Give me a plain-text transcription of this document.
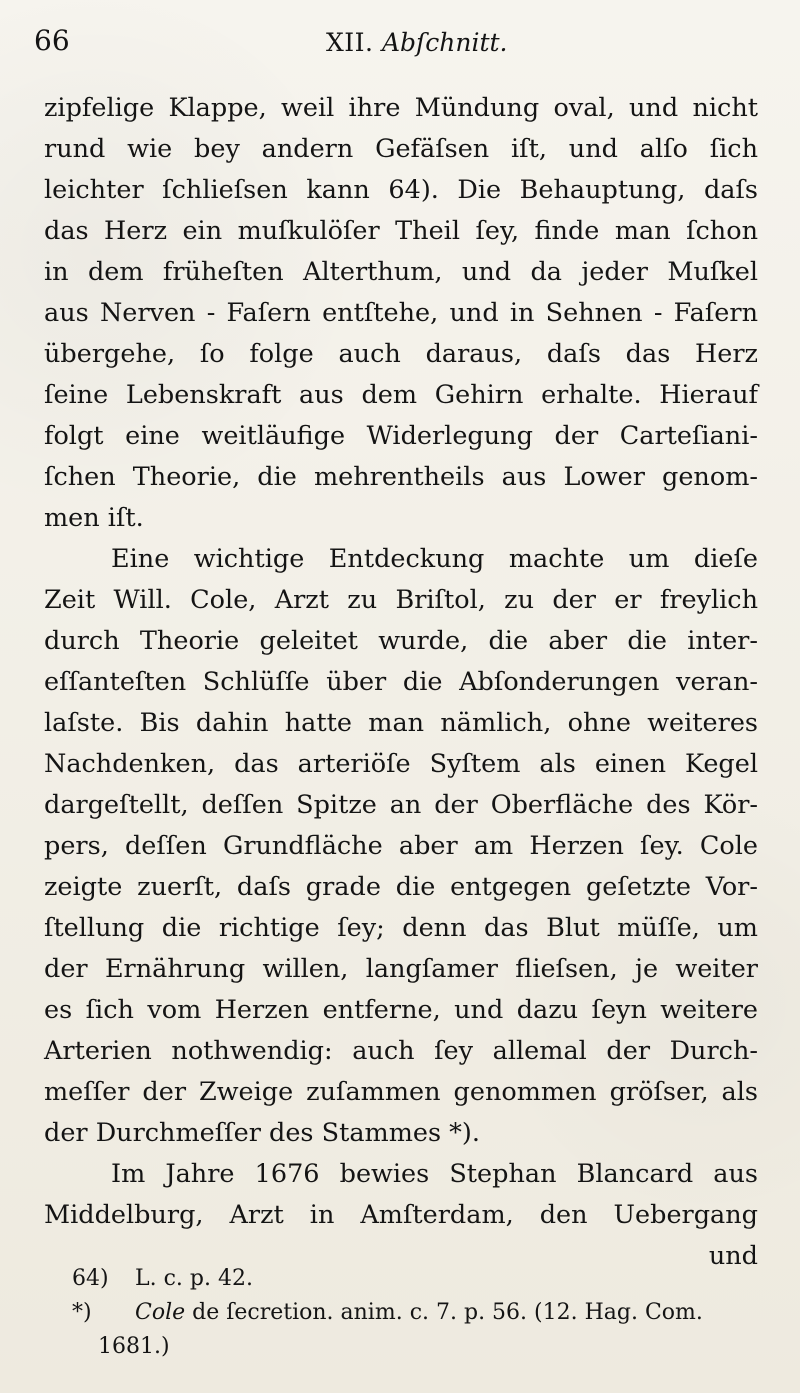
66	XII. Abſchnitt.
zipfelige Klappe, weil ihre Mündung oval, und nicht
rund wie bey andern Gefäſsen iſt, und alſo ſich
leichter ſchlieſsen kann 64). Die Behauptung, daſs
das Herz ein muſkulöſer Theil ſey, finde man ſchon
in dem früheſten Alterthum, und da jeder Muſkel
aus Nerven - Faſern entſtehe, und in Sehnen - Faſern
übergehe, ſo folge auch daraus, daſs das Herz
ſeine Lebenskraft aus dem Gehirn erhalte. Hierauf
folgt eine weitläufige Widerlegung der Carteſiani-
ſchen Theorie, die mehrentheils aus Lower genom-
men iſt.
Eine wichtige Entdeckung machte um dieſe
Zeit Will. Cole, Arzt zu Briſtol, zu der er freylich
durch Theorie geleitet wurde, die aber die inter-
eſſanteſten Schlüſſe über die Abſonderungen veran-
laſste. Bis dahin hatte man nämlich, ohne weiteres
Nachdenken, das arteriöſe Syſtem als einen Kegel
dargeſtellt, deſſen Spitze an der Oberfläche des Kör-
pers, deſſen Grundfläche aber am Herzen ſey. Cole
zeigte zuerſt, daſs grade die entgegen geſetzte Vor-
ſtellung die richtige ſey; denn das Blut müſſe, um
der Ernährung willen, langſamer flieſsen, je weiter
es ſich vom Herzen entferne, und dazu ſeyn weitere
Arterien nothwendig: auch ſey allemal der Durch-
meſſer der Zweige zuſammen genommen gröſser, als
der Durchmeſſer des Stammes *).
Im Jahre 1676 bewies Stephan Blancard aus
Middelburg, Arzt in Amſterdam, den Uebergang
und
64) L. c. p. 42.
*) Cole de ſecretion. anim. c. 7. p. 56. (12. Hag. Com.
1681.)
